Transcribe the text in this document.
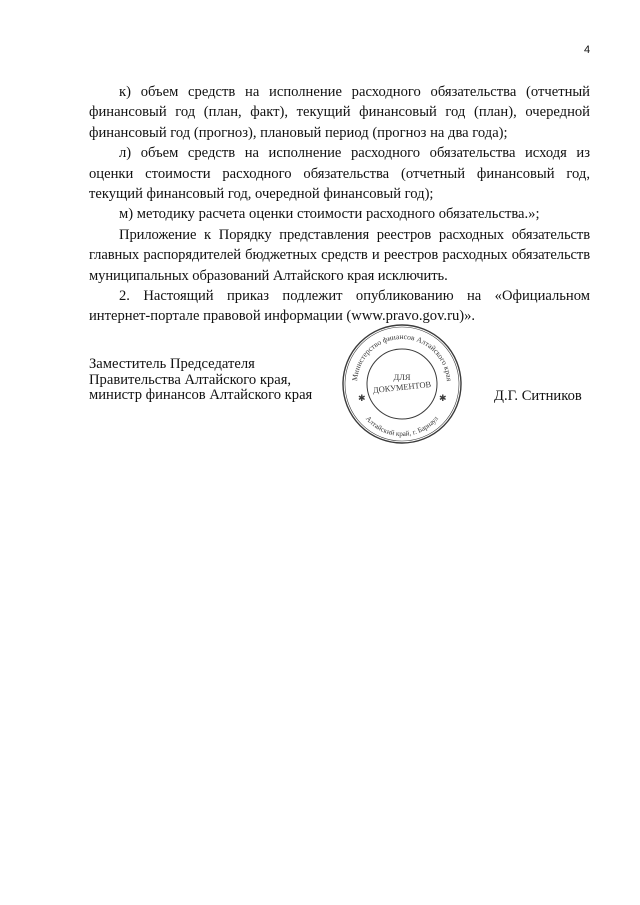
4

к) объем средств на исполнение расходного обязательства (отчетный финансовый год (план, факт), текущий финансовый год (план), очередной финансовый год (прогноз), плановый период (прогноз на два года);

л) объем средств на исполнение расходного обязательства исходя из оценки стоимости расходного обязательства (отчетный финансовый год, текущий финансовый год, очередной финансовый год);

м) методику расчета оценки стоимости расходного обязательства.»;

Приложение к Порядку представления реестров расходных обязательств главных распорядителей бюджетных средств и реестров расходных обязательств муниципальных образований Алтайского края исключить.

2. Настоящий приказ подлежит опубликованию на «Официальном интернет-портале правовой информации (www.pravo.gov.ru)».

Заместитель Председателя
Правительства Алтайского края,
министр финансов Алтайского края
Министерство финансов Алтайского края
Алтайский край, г. Барнаул
✱	✱
ДЛЯ
ДОКУМЕНТОВ
Д.Г. Ситников
